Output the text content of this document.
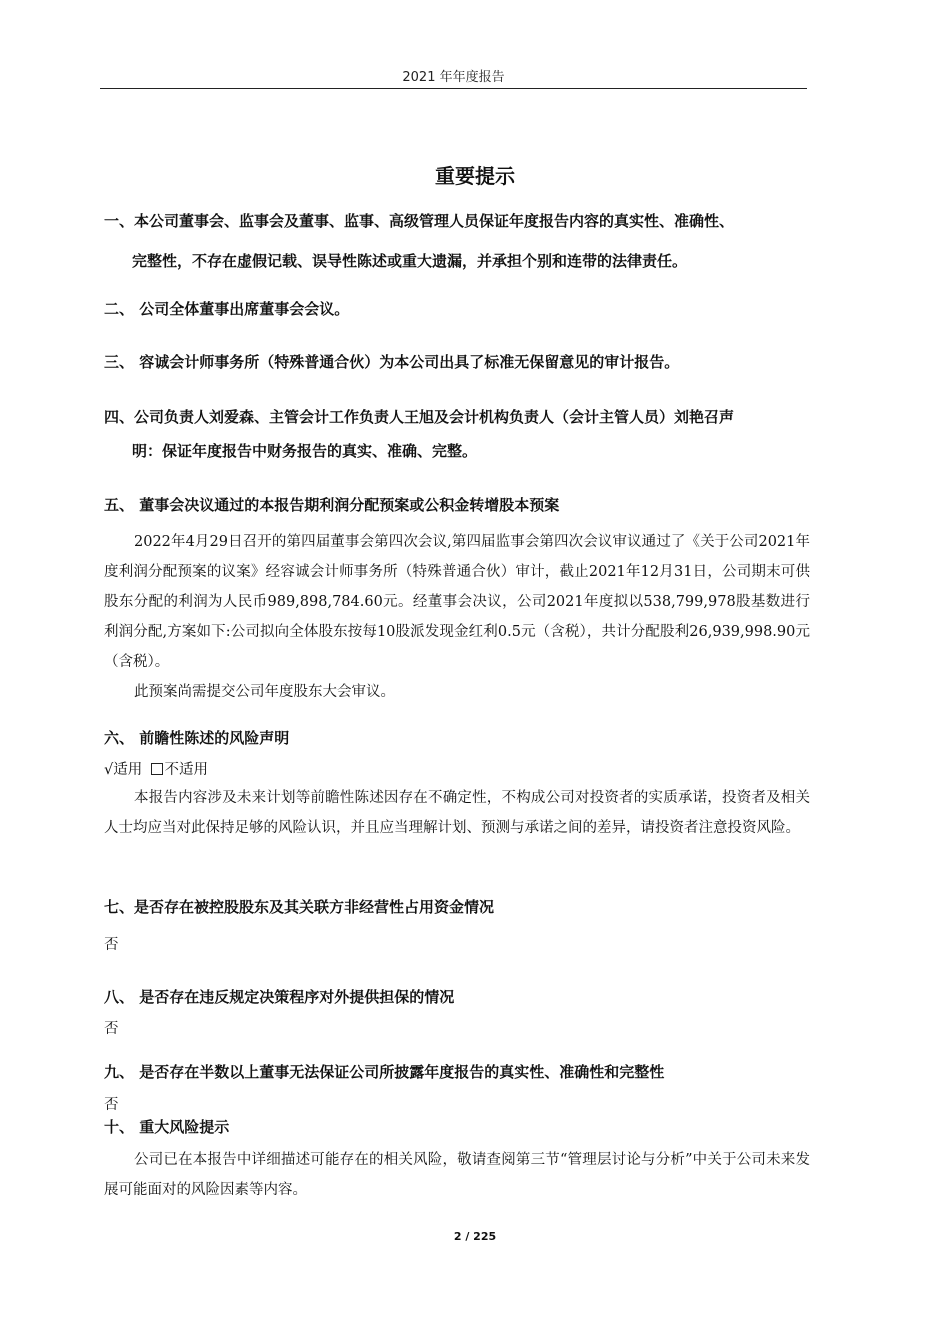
2021 年年度报告
重要提示
一、本公司董事会、监事会及董事、监事、高级管理人员保证年度报告内容的真实性、准确性、
完整性，不存在虚假记载、误导性陈述或重大遗漏，并承担个别和连带的法律责任。
二、 公司全体董事出席董事会会议。
三、 容诚会计师事务所（特殊普通合伙）为本公司出具了标准无保留意见的审计报告。
四、公司负责人刘爱森、主管会计工作负责人王旭及会计机构负责人（会计主管人员）刘艳召声
明：保证年度报告中财务报告的真实、准确、完整。
五、 董事会决议通过的本报告期利润分配预案或公积金转增股本预案

2022年4月29日召开的第四届董事会第四次会议,第四届监事会第四次会议审议通过了《关于公司2021年度利润分配预案的议案》经容诚会计师事务所（特殊普通合伙）审计，截止2021年12月31日，公司期末可供股东分配的利润为人民币989,898,784.60元。经董事会决议，公司2021年度拟以538,799,978股基数进行利润分配,方案如下:公司拟向全体股东按每10股派发现金红利0.5元（含税），共计分配股利26,939,998.90元（含税）。

此预案尚需提交公司年度股东大会审议。

六、 前瞻性陈述的风险声明
√适用 不适用

本报告内容涉及未来计划等前瞻性陈述因存在不确定性，不构成公司对投资者的实质承诺，投资者及相关人士均应当对此保持足够的风险认识，并且应当理解计划、预测与承诺之间的差异，请投资者注意投资风险。

七、是否存在被控股股东及其关联方非经营性占用资金情况

否

八、 是否存在违反规定决策程序对外提供担保的情况

否

九、 是否存在半数以上董事无法保证公司所披露年度报告的真实性、准确性和完整性

否

十、 重大风险提示

公司已在本报告中详细描述可能存在的相关风险，敬请查阅第三节“管理层讨论与分析”中关于公司未来发展可能面对的风险因素等内容。

2 / 225
